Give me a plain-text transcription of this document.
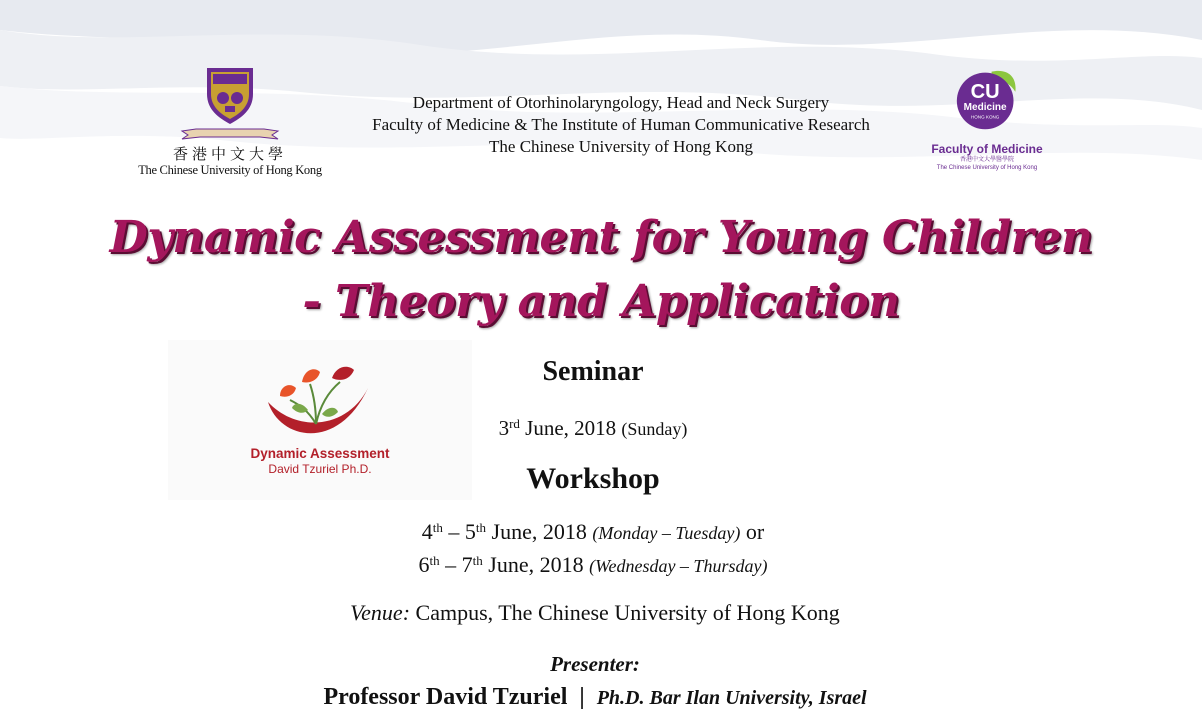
香港中文大學
The Chinese University of Hong Kong
Department of Otorhinolaryngology, Head and Neck Surgery
Faculty of Medicine & The Institute of Human Communicative Research
The Chinese University of Hong Kong
CU
Medicine
HONG KONG
Faculty of Medicine
香港中文大學醫學院
The Chinese University of Hong Kong
Dynamic Assessment for Young Children
- Theory and Application
Dynamic Assessment
David Tzuriel Ph.D.
Seminar
3rd June, 2018 (Sunday)
Workshop
4th – 5th June, 2018 (Monday – Tuesday) or
6th – 7th June, 2018 (Wednesday – Thursday)
Venue: Campus, The Chinese University of Hong Kong
Presenter:
Professor David Tzuriel | Ph.D. Bar Ilan University, Israel
